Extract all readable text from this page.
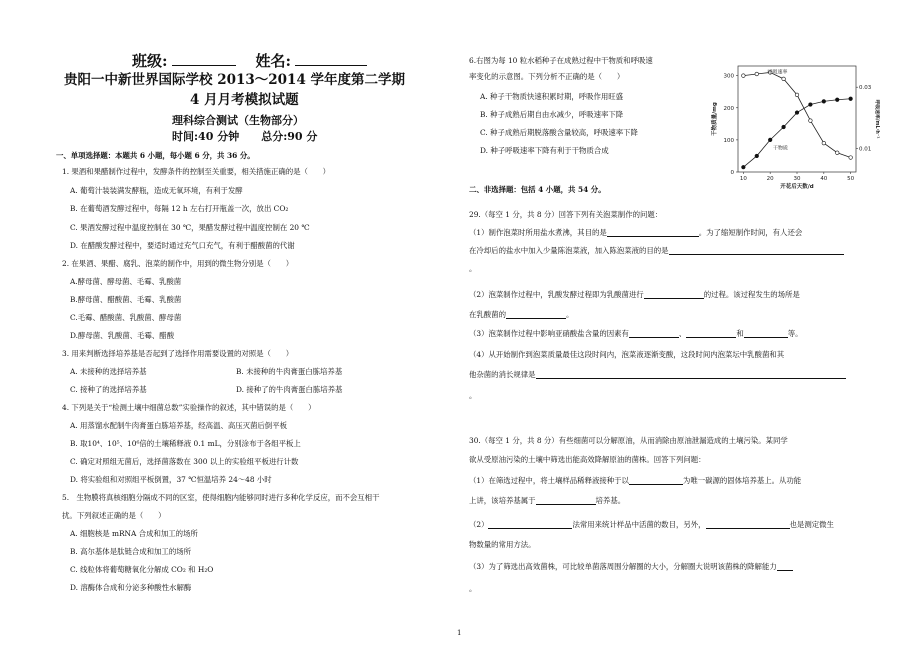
班级:	姓名:
贵阳一中新世界国际学校 2013～2014 学年度第二学期
4 月月考模拟试题
理科综合测试（生物部分）
时间:40 分钟　　 总分:90 分
一、单项选择题：本题共 6 小题，每小题 6 分，共 36 分。
1. 果酒和果醋制作过程中，发酵条件的控制至关重要，相关措施正确的是（　　）
A. 葡萄汁装装满发酵瓶，造成无氧环境，有利于发酵
B. 在葡萄酒发酵过程中，每隔 12 h 左右打开瓶盖一次，放出 CO₂
C. 果酒发酵过程中温度控制在 30 ℃，果醋发酵过程中温度控制在 20 ℃
D. 在醋酸发酵过程中，要适时通过充气口充气，有利于醋酸菌的代谢
2. 在果酒、果醋、腐乳、泡菜的制作中，用到的微生物分别是（　　）
A.酵母菌、酵母菌、毛霉、乳酸菌
B.酵母菌、醋酸菌、毛霉、乳酸菌
C.毛霉、醋酸菌、乳酸菌、酵母菌
D.酵母菌、乳酸菌、毛霉、醋酸
3. 用来判断选择培养基是否起到了选择作用需要设置的对照是（　　）
A. 未接种的选择培养基	B. 未接种的牛肉膏蛋白胨培养基
C. 接种了的选择培养基	D. 接种了的牛肉膏蛋白胨培养基
4. 下列是关于“检测土壤中细菌总数”实验操作的叙述，其中错误的是（　　）
A. 用蒸馏水配制牛肉膏蛋白胨培养基，经高温、高压灭菌后倒平板
B. 取10⁴、10⁵、10⁶倍的土壤稀释液 0.1 mL，分别涂布于各组平板上
C. 确定对照组无菌后，选择菌落数在 300 以上的实验组平板进行计数
D. 将实验组和对照组平板倒置，37 ℃恒温培养 24～48 小时
5.　生物膜将真核细胞分隔成不同的区室，使得细胞内能够同时进行多种化学反应，而不会互相干
扰。下列叙述正确的是（　　）
A. 细胞核是 mRNA 合成和加工的场所
B. 高尔基体是肽链合成和加工的场所
C. 线粒体将葡萄糖氧化分解成 CO₂ 和 H₂O
D. 溶酶体合成和分泌多种酸性水解酶
6.右图为每 10 粒水稻种子在成熟过程中干物质和呼吸速
率变化的示意图。下列分析不正确的是（　　）
A. 种子干物质快速积累时期，呼吸作用旺盛
B. 种子成熟后期自由水减少，呼吸速率下降
C. 种子成熟后期脱落酸含量较高，呼吸速率下降
D. 种子呼吸速率下降有利于干物质合成
0
100
200
300
0.03
0.01
10	20	30	40	50
开花后天数/d
干物质量/mg	呼吸速率/mL·h⁻¹
呼吸速率
干物质
二、非选择题：包括 4 小题，共 54 分。
29.（每空 1 分，共 8 分）回答下列有关泡菜制作的问题：
（1）制作泡菜时所用盐水煮沸，其目的是	。为了缩短制作时间，有人还会
在冷却后的盐水中加入少量陈泡菜液，加入陈泡菜液的目的是
。
（2）泡菜制作过程中，乳酸发酵过程即为乳酸菌进行	的过程。该过程发生的场所是
在乳酸菌的	。
（3）泡菜制作过程中影响亚硝酸盐含量的因素有	、	和	等。
（4）从开始制作到泡菜质量最佳这段时间内，泡菜液逐渐变酸，这段时间内泡菜坛中乳酸菌和其
他杂菌的消长规律是
。
30.（每空 1 分，共 8 分）有些细菌可以分解原油，从而消除由原油泄漏造成的土壤污染。某同学
欲从受原油污染的土壤中筛选出能高效降解原油的菌株。回答下列问题：
（1）在筛选过程中，将土壤样品稀释液接种于以	为唯一碳源的固体培养基上。从功能
上讲，该培养基属于	培养基。
（2）	法常用来统计样品中活菌的数目，另外，	也是测定微生
物数量的常用方法。
（3）为了筛选出高效菌株，可比较单菌落周围分解圈的大小，分解圈大说明该菌株的降解能力
。
1
